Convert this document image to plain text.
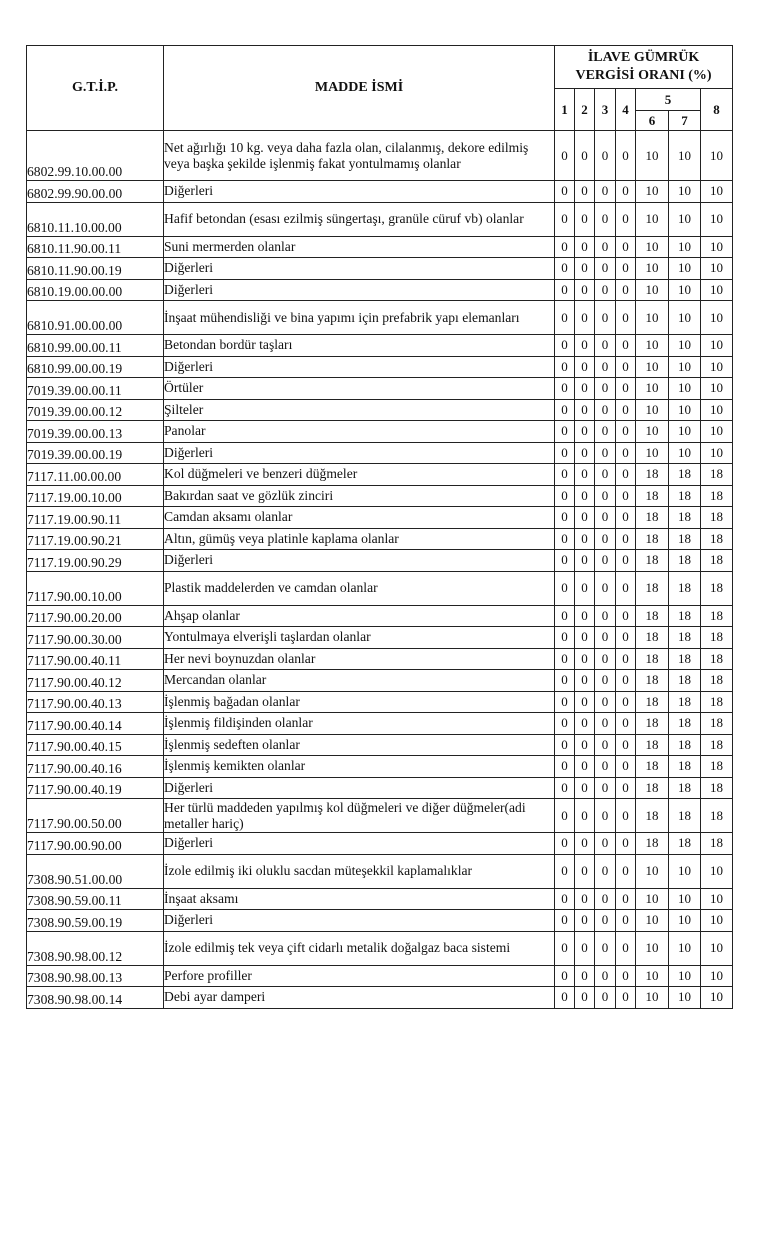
G.T.İ.P.	MADDE İSMİ	İLAVE GÜMRÜK
VERGİSİ ORANI (%)						

		1	2	3	4	5		8
						6	7	
6802.99.10.00.00	Net ağırlığı 10 kg. veya daha fazla olan, cilalanmış, dekore edilmiş veya başka şekilde işlenmiş fakat yontulmamış olanlar	0	0	0	0	10	10	10
6802.99.90.00.00	Diğerleri	0	0	0	0	10	10	10
6810.11.10.00.00	Hafif betondan (esası ezilmiş süngertaşı, granüle cüruf vb) olanlar	0	0	0	0	10	10	10
6810.11.90.00.11	Suni mermerden olanlar	0	0	0	0	10	10	10
6810.11.90.00.19	Diğerleri	0	0	0	0	10	10	10
6810.19.00.00.00	Diğerleri	0	0	0	0	10	10	10
6810.91.00.00.00	İnşaat mühendisliği ve bina yapımı için prefabrik yapı elemanları	0	0	0	0	10	10	10
6810.99.00.00.11	Betondan bordür taşları	0	0	0	0	10	10	10
6810.99.00.00.19	Diğerleri	0	0	0	0	10	10	10
7019.39.00.00.11	Örtüler	0	0	0	0	10	10	10
7019.39.00.00.12	Şilteler	0	0	0	0	10	10	10
7019.39.00.00.13	Panolar	0	0	0	0	10	10	10
7019.39.00.00.19	Diğerleri	0	0	0	0	10	10	10
7117.11.00.00.00	Kol düğmeleri ve benzeri düğmeler	0	0	0	0	18	18	18
7117.19.00.10.00	Bakırdan saat ve gözlük zinciri	0	0	0	0	18	18	18
7117.19.00.90.11	Camdan aksamı olanlar	0	0	0	0	18	18	18
7117.19.00.90.21	Altın, gümüş veya platinle kaplama olanlar	0	0	0	0	18	18	18
7117.19.00.90.29	Diğerleri	0	0	0	0	18	18	18
7117.90.00.10.00	Plastik maddelerden ve camdan olanlar	0	0	0	0	18	18	18
7117.90.00.20.00	Ahşap olanlar	0	0	0	0	18	18	18
7117.90.00.30.00	Yontulmaya elverişli taşlardan olanlar	0	0	0	0	18	18	18
7117.90.00.40.11	Her nevi boynuzdan olanlar	0	0	0	0	18	18	18
7117.90.00.40.12	Mercandan olanlar	0	0	0	0	18	18	18
7117.90.00.40.13	İşlenmiş bağadan olanlar	0	0	0	0	18	18	18
7117.90.00.40.14	İşlenmiş fildişinden olanlar	0	0	0	0	18	18	18
7117.90.00.40.15	İşlenmiş sedeften olanlar	0	0	0	0	18	18	18
7117.90.00.40.16	İşlenmiş kemikten olanlar	0	0	0	0	18	18	18
7117.90.00.40.19	Diğerleri	0	0	0	0	18	18	18
7117.90.00.50.00	Her türlü maddeden yapılmış kol düğmeleri ve diğer düğmeler(adi metaller hariç)	0	0	0	0	18	18	18
7117.90.00.90.00	Diğerleri	0	0	0	0	18	18	18
7308.90.51.00.00	İzole edilmiş iki oluklu sacdan müteşekkil kaplamalıklar	0	0	0	0	10	10	10
7308.90.59.00.11	İnşaat aksamı	0	0	0	0	10	10	10
7308.90.59.00.19	Diğerleri	0	0	0	0	10	10	10
7308.90.98.00.12	İzole edilmiş tek veya çift cidarlı metalik doğalgaz baca sistemi	0	0	0	0	10	10	10
7308.90.98.00.13	Perfore profiller	0	0	0	0	10	10	10
7308.90.98.00.14	Debi ayar damperi	0	0	0	0	10	10	10
